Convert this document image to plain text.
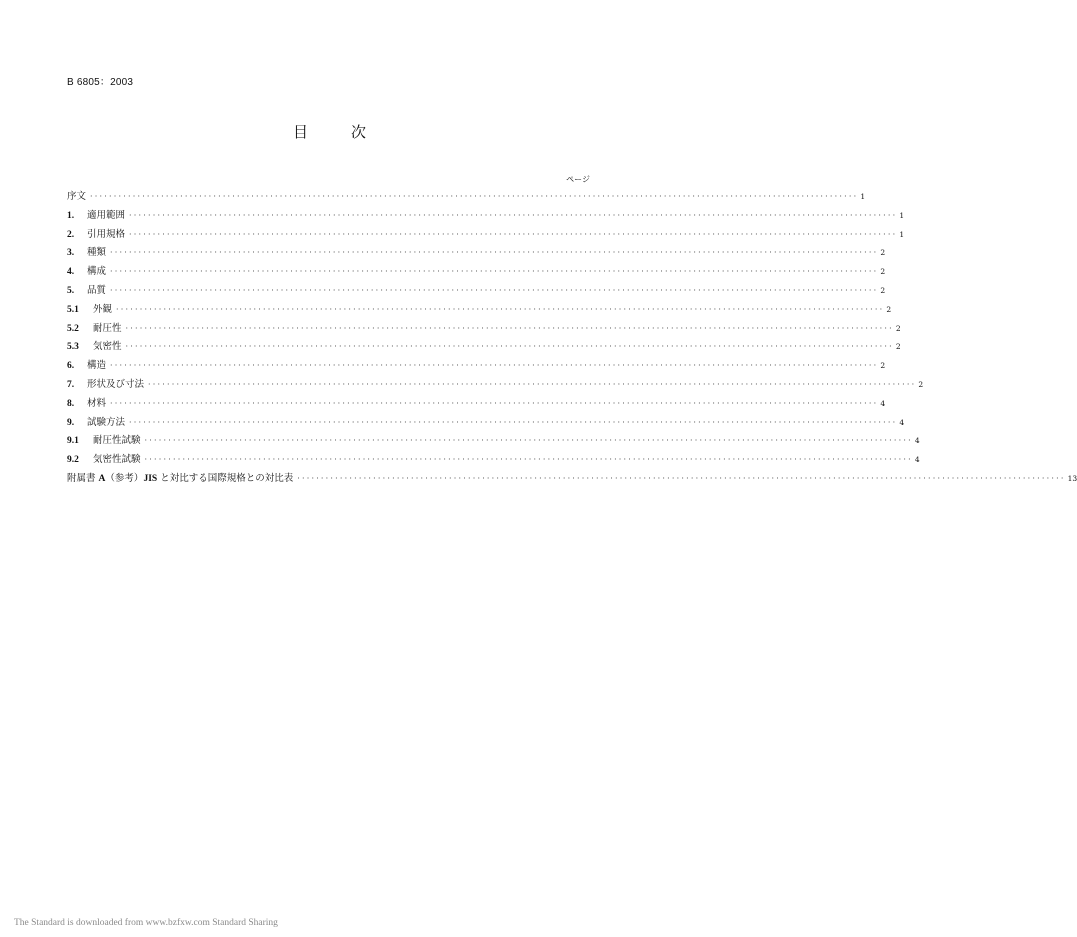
B 6805：2003
目　次
ページ
序文 ·································································································································································· 1
1.	適用範囲 ·································································································································································· 1
2.	引用規格 ·································································································································································· 1
3.	種類 ·································································································································································· 2
4.	構成 ·································································································································································· 2
5.	品質 ·································································································································································· 2
5.1	外観 ·································································································································································· 2
5.2	耐圧性 ·································································································································································· 2
5.3	気密性 ·································································································································································· 2
6.	構造 ·································································································································································· 2
7.	形状及び寸法 ·································································································································································· 2
8.	材料 ·································································································································································· 4
9.	試験方法 ·································································································································································· 4
9.1	耐圧性試験 ·································································································································································· 4
9.2	気密性試験 ·································································································································································· 4
附属書 A（参考）JIS と対比する国際規格との対比表 ·································································································································································· 13
The Standard is downloaded from www.bzfxw.com Standard Sharing
